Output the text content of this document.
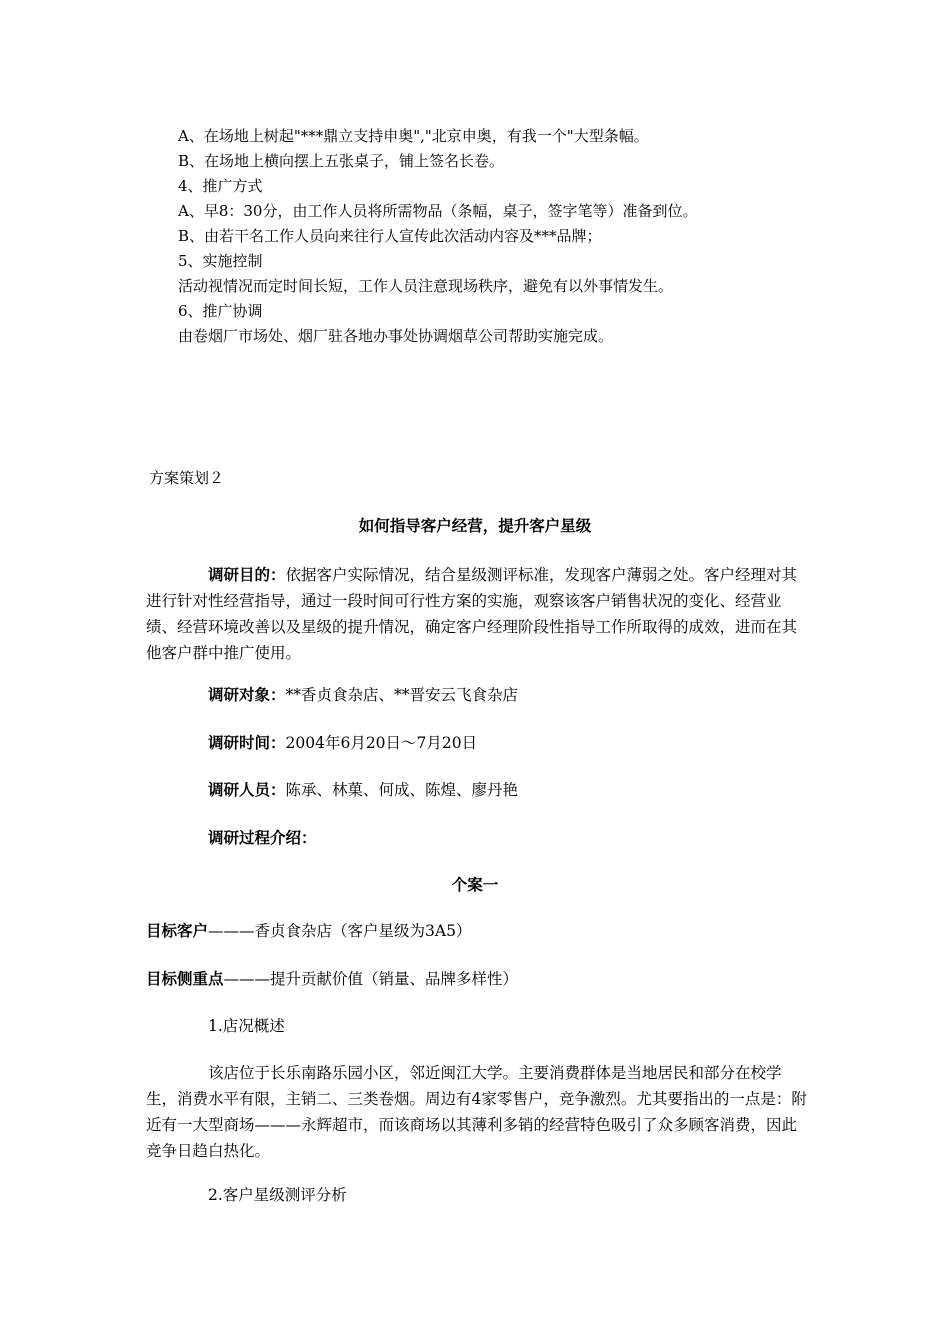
A、在场地上树起"***鼎立支持申奥","北京申奥，有我一个"大型条幅。
B、在场地上横向摆上五张桌子，铺上签名长卷。
4、推广方式
A、早8：30分，由工作人员将所需物品（条幅，桌子，签字笔等）准备到位。
B、由若干名工作人员向来往行人宣传此次活动内容及***品牌；
5、实施控制
活动视情况而定时间长短，工作人员注意现场秩序，避免有以外事情发生。
6、推广协调
由卷烟厂市场处、烟厂驻各地办事处协调烟草公司帮助实施完成。
方案策划２
如何指导客户经营，提升客户星级
调研目的：依据客户实际情况，结合星级测评标准，发现客户薄弱之处。客户经理对其进行针对性经营指导，通过一段时间可行性方案的实施，观察该客户销售状况的变化、经营业绩、经营环境改善以及星级的提升情况，确定客户经理阶段性指导工作所取得的成效，进而在其他客户群中推广使用。
调研对象：**香贞食杂店、**晋安云飞食杂店
调研时间：2004年6月20日～7月20日
调研人员：陈承、林菓、何成、陈煌、廖丹艳
调研过程介绍：
个案一
目标客户———香贞食杂店（客户星级为3A5）
目标侧重点———提升贡献价值（销量、品牌多样性）
1.店况概述
该店位于长乐南路乐园小区，邻近闽江大学。主要消费群体是当地居民和部分在校学生，消费水平有限，主销二、三类卷烟。周边有4家零售户，竞争激烈。尤其要指出的一点是：附近有一大型商场———永辉超市，而该商场以其薄利多销的经营特色吸引了众多顾客消费，因此竞争日趋白热化。
2.客户星级测评分析
